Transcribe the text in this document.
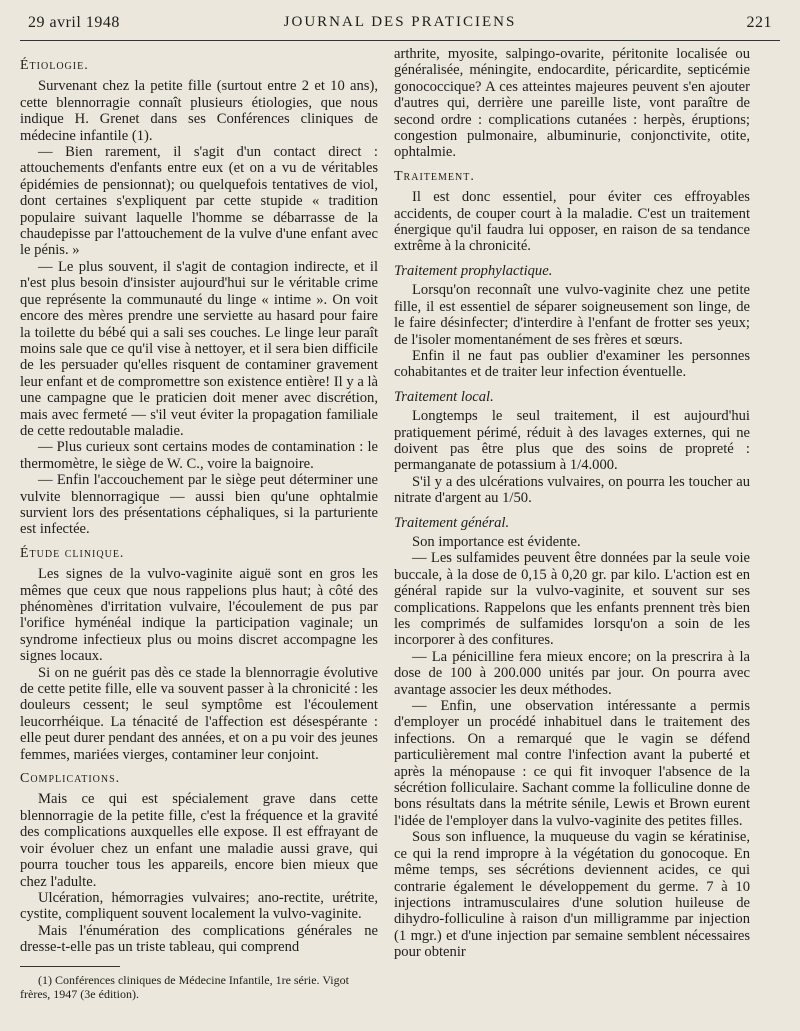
29 avril 1948	JOURNAL DES PRATICIENS	221
Étiologie.

Survenant chez la petite fille (surtout entre 2 et 10 ans), cette blennorragie connaît plusieurs étiologies, que nous indique H. Grenet dans ses Conférences cliniques de médecine infantile (1).

— Bien rarement, il s'agit d'un contact direct : attouchements d'enfants entre eux (et on a vu de véritables épidémies de pensionnat); ou quelquefois tentatives de viol, dont certaines s'expliquent par cette stupide « tradition populaire suivant laquelle l'homme se débarrasse de la chaudepisse par l'attouchement de la vulve d'une enfant avec le pénis. »

— Le plus souvent, il s'agit de contagion indirecte, et il n'est plus besoin d'insister aujourd'hui sur le véritable crime que représente la communauté du linge « intime ». On voit encore des mères prendre une serviette au hasard pour faire la toilette du bébé qui a sali ses couches. Le linge leur paraît moins sale que ce qu'il vise à nettoyer, et il sera bien difficile de les persuader qu'elles risquent de contaminer gravement leur enfant et de compromettre son existence entière! Il y a là une campagne que le praticien doit mener avec discrétion, mais avec fermeté — s'il veut éviter la propagation familiale de cette redoutable maladie.

— Plus curieux sont certains modes de contamination : le thermomètre, le siège de W. C., voire la baignoire.

— Enfin l'accouchement par le siège peut déterminer une vulvite blennorragique — aussi bien qu'une ophtalmie survient lors des présentations céphaliques, si la parturiente est infectée.

Étude clinique.

Les signes de la vulvo-vaginite aiguë sont en gros les mêmes que ceux que nous rappelions plus haut; à côté des phénomènes d'irritation vulvaire, l'écoulement de pus par l'orifice hyménéal indique la participation vaginale; un syndrome infectieux plus ou moins discret accompagne les signes locaux.

Si on ne guérit pas dès ce stade la blennorragie évolutive de cette petite fille, elle va souvent passer à la chronicité : les douleurs cessent; le seul symptôme est l'écoulement leucorrhéique. La ténacité de l'affection est désespérante : elle peut durer pendant des années, et on a pu voir des jeunes femmes, mariées vierges, contaminer leur conjoint.

Complications.

Mais ce qui est spécialement grave dans cette blennorragie de la petite fille, c'est la fréquence et la gravité des complications auxquelles elle expose. Il est effrayant de voir évoluer chez un enfant une maladie aussi grave, qui pourra toucher tous les appareils, encore bien mieux que chez l'adulte.

Ulcération, hémorragies vulvaires; ano-rectite, urétrite, cystite, compliquent souvent localement la vulvo-vaginite.

Mais l'énumération des complications générales ne dresse-t-elle pas un triste tableau, qui comprend

(1) Conférences cliniques de Médecine Infantile, 1re série. Vigot frères, 1947 (3e édition).

arthrite, myosite, salpingo-ovarite, péritonite localisée ou généralisée, méningite, endocardite, péricardite, septicémie gonococcique? A ces atteintes majeures peuvent s'en ajouter d'autres qui, derrière une pareille liste, vont paraître de second ordre : complications cutanées : herpès, éruptions; congestion pulmonaire, albuminurie, conjonctivite, otite, ophtalmie.

Traitement.

Il est donc essentiel, pour éviter ces effroyables accidents, de couper court à la maladie. C'est un traitement énergique qu'il faudra lui opposer, en raison de sa tendance extrême à la chronicité.

Traitement prophylactique.

Lorsqu'on reconnaît une vulvo-vaginite chez une petite fille, il est essentiel de séparer soigneusement son linge, de le faire désinfecter; d'interdire à l'enfant de frotter ses yeux; de l'isoler momentanément de ses frères et sœurs.

Enfin il ne faut pas oublier d'examiner les personnes cohabitantes et de traiter leur infection éventuelle.

Traitement local.

Longtemps le seul traitement, il est aujourd'hui pratiquement périmé, réduit à des lavages externes, qui ne doivent pas être plus que des soins de propreté : permanganate de potassium à 1/4.000.

S'il y a des ulcérations vulvaires, on pourra les toucher au nitrate d'argent au 1/50.

Traitement général.

Son importance est évidente.

— Les sulfamides peuvent être données par la seule voie buccale, à la dose de 0,15 à 0,20 gr. par kilo. L'action est en général rapide sur la vulvo-vaginite, et souvent sur ses complications. Rappelons que les enfants prennent très bien les comprimés de sulfamides lorsqu'on a soin de les incorporer à des confitures.

— La pénicilline fera mieux encore; on la prescrira à la dose de 100 à 200.000 unités par jour. On pourra avec avantage associer les deux méthodes.

— Enfin, une observation intéressante a permis d'employer un procédé inhabituel dans le traitement des infections. On a remarqué que le vagin se défend particulièrement mal contre l'infection avant la puberté et après la ménopause : ce qui fit invoquer l'absence de la sécrétion folliculaire. Sachant comme la folliculine donne de bons résultats dans la métrite sénile, Lewis et Brown eurent l'idée de l'employer dans la vulvo-vaginite des petites filles.

Sous son influence, la muqueuse du vagin se kératinise, ce qui la rend impropre à la végétation du gonocoque. En même temps, ses sécrétions deviennent acides, ce qui contrarie également le développement du germe. 7 à 10 injections intramusculaires d'une solution huileuse de dihydro-folliculine à raison d'un milligramme par injection (1 mgr.) et d'une injection par semaine semblent nécessaires pour obtenir
